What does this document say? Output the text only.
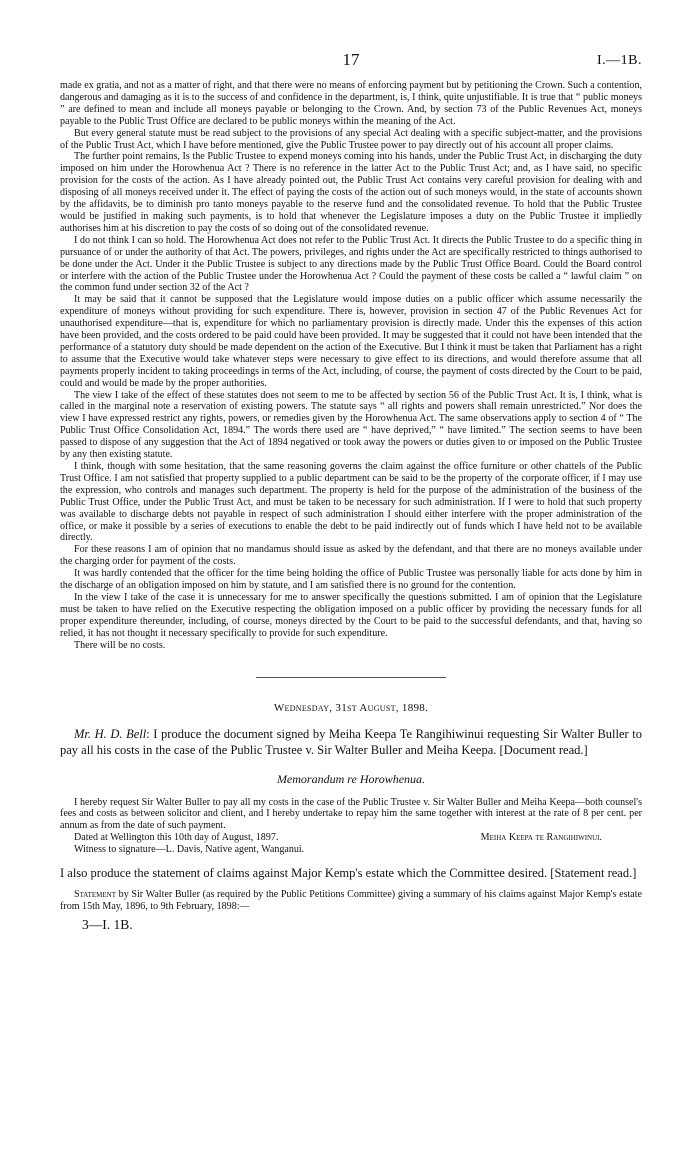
17	I.—1B.

made ex gratia, and not as a matter of right, and that there were no means of enforcing payment but by petitioning the Crown. Such a contention, dangerous and damaging as it is to the success of and confidence in the department, is, I think, quite unjustifiable. It is true that “ public moneys ” are defined to mean and include all moneys payable or belonging to the Crown. And, by section 73 of the Public Revenues Act, moneys payable to the Public Trust Office are declared to be public moneys within the meaning of the Act.

But every general statute must be read subject to the provisions of any special Act dealing with a specific subject-matter, and the provisions of the Public Trust Act, which I have before mentioned, give the Public Trustee power to pay directly out of his account all proper claims.

The further point remains, Is the Public Trustee to expend moneys coming into his hands, under the Public Trust Act, in discharging the duty imposed on him under the Horowhenua Act ? There is no reference in the latter Act to the Public Trust Act; and, as I have said, no specific provision for the costs of the action. As I have already pointed out, the Public Trust Act contains very careful provision for dealing with and disposing of all moneys received under it. The effect of paying the costs of the action out of such moneys would, in the state of accounts shown by the affidavits, be to diminish pro tanto moneys payable to the reserve fund and the consolidated revenue. To hold that the Public Trustee would be justified in making such payments, is to hold that whenever the Legislature imposes a duty on the Public Trustee it impliedly authorises him at his discretion to pay the costs of so doing out of the consolidated revenue.

I do not think I can so hold. The Horowhenua Act does not refer to the Public Trust Act. It directs the Public Trustee to do a specific thing in pursuance of or under the authority of that Act. The powers, privileges, and rights under the Act are specifically restricted to things authorised to be done under the Act. Under it the Public Trustee is subject to any directions made by the Public Trust Office Board. Could the Board control or interfere with the action of the Public Trustee under the Horowhenua Act ? Could the payment of these costs be called a “ lawful claim ” on the common fund under section 32 of the Act ?

It may be said that it cannot be supposed that the Legislature would impose duties on a public officer which assume necessarily the expenditure of moneys without providing for such expenditure. There is, however, provision in section 47 of the Public Revenues Act for unauthorised expenditure—that is, expenditure for which no parliamentary provision is directly made. Under this the expenses of this action have been provided, and the costs ordered to be paid could have been provided. It may be suggested that it could not have been intended that the performance of a statutory duty should be made dependent on the action of the Executive. But I think it must be taken that Parliament has a right to assume that the Executive would take whatever steps were necessary to give effect to its directions, and would therefore assume that all payments properly incident to taking proceedings in terms of the Act, including, of course, the payment of costs directed by the Court to be paid, could and would be made by the proper authorities.

The view I take of the effect of these statutes does not seem to me to be affected by section 56 of the Public Trust Act. It is, I think, what is called in the marginal note a reservation of existing powers. The statute says “ all rights and powers shall remain unrestricted.” Nor does the view I have expressed restrict any rights, powers, or remedies given by the Horowhenua Act. The same observations apply to section 4 of “ The Public Trust Office Consolidation Act, 1894.” The words there used are “ have deprived,” “ have limited.” The section seems to have been passed to dispose of any suggestion that the Act of 1894 negatived or took away the powers or duties given to or imposed on the Public Trustee by any then existing statute.

I think, though with some hesitation, that the same reasoning governs the claim against the office furniture or other chattels of the Public Trust Office. I am not satisfied that property supplied to a public department can be said to be the property of the corporate officer, if I may use the expression, who controls and manages such department. The property is held for the purpose of the administration of the business of the Public Trust Office, under the Public Trust Act, and must be taken to be necessary for such administration. If I were to hold that such property was available to discharge debts not payable in respect of such administration I should either interfere with the proper administration of the office, or make it possible by a series of executions to enable the debt to be paid indirectly out of funds which I have held not to be available directly.

For these reasons I am of opinion that no mandamus should issue as asked by the defendant, and that there are no moneys available under the charging order for payment of the costs.

It was hardly contended that the officer for the time being holding the office of Public Trustee was personally liable for acts done by him in the discharge of an obligation imposed on him by statute, and I am satisfied there is no ground for the contention.

In the view I take of the case it is unnecessary for me to answer specifically the questions submitted. I am of opinion that the Legislature must be taken to have relied on the Executive respecting the obligation imposed on a public officer by providing the necessary funds for all proper expenditure thereunder, including, of course, moneys directed by the Court to be paid to the successful defendants, and that, having so relied, it has not thought it necessary specifically to provide for such expenditure.

There will be no costs.

Wednesday, 31st August, 1898.

Mr. H. D. Bell: I produce the document signed by Meiha Keepa Te Rangihiwinui requesting Sir Walter Buller to pay all his costs in the case of the Public Trustee v. Sir Walter Buller and Meiha Keepa. [Document read.]

Memorandum re Horowhenua.

I hereby request Sir Walter Buller to pay all my costs in the case of the Public Trustee v. Sir Walter Buller and Meiha Keepa—both counsel's fees and costs as between solicitor and client, and I hereby undertake to repay him the same together with interest at the rate of 8 per cent. per annum as from the date of such payment.

Dated at Wellington this 10th day of August, 1897.	Meiha Keepa te Rangihiwinui.
Witness to signature—L. Davis, Native agent, Wanganui.
I also produce the statement of claims against Major Kemp's estate which the Committee desired. [Statement read.]

Statement by Sir Walter Buller (as required by the Public Petitions Committee) giving a summary of his claims against Major Kemp's estate from 15th May, 1896, to 9th February, 1898:—

3—I. 1B.
